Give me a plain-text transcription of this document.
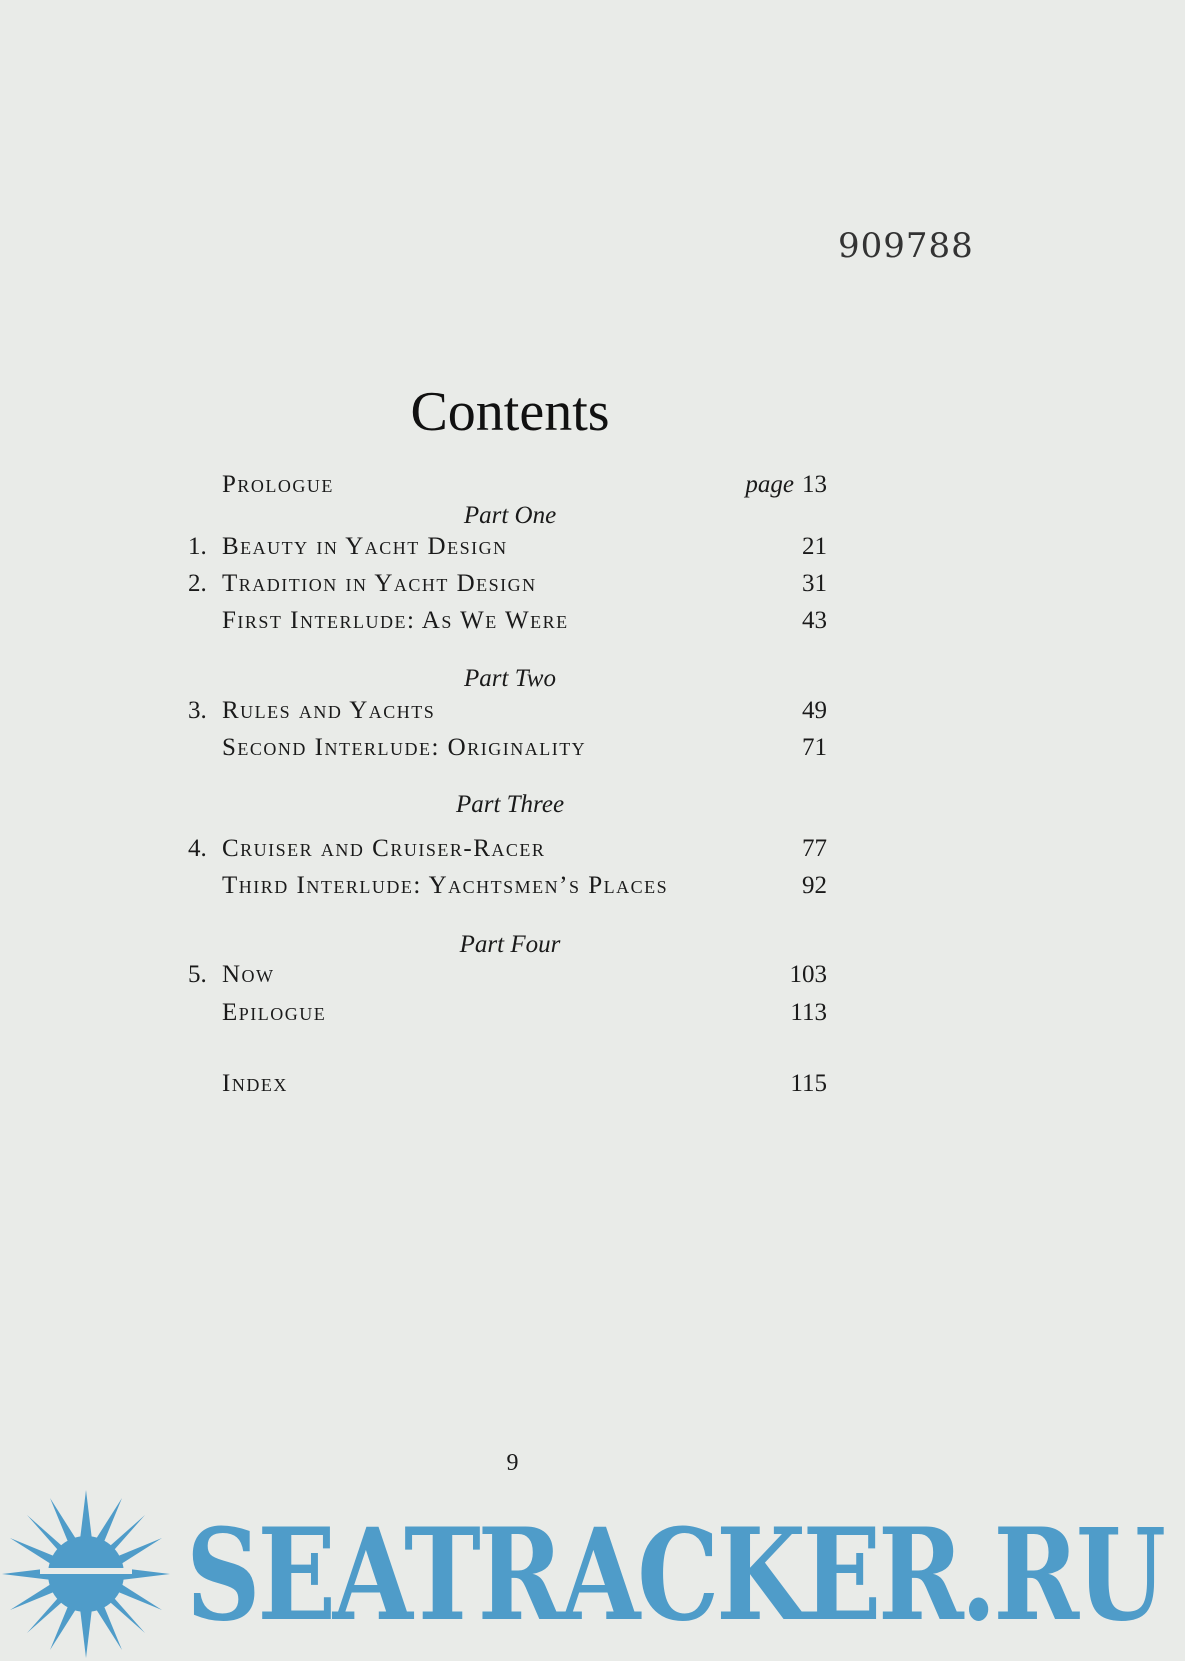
909788
Contents
Prologue	page 13
Part One
1. Beauty in Yacht Design	21
2. Tradition in Yacht Design	31
First Interlude: As We Were	43
Part Two
3. Rules and Yachts	49
Second Interlude: Originality	71
Part Three
4. Cruiser and Cruiser-Racer	77
Third Interlude: Yachtsmen’s Places	92
Part Four
5. Now	103
Epilogue	113
Index	115
9
SEATRACKER.RU
